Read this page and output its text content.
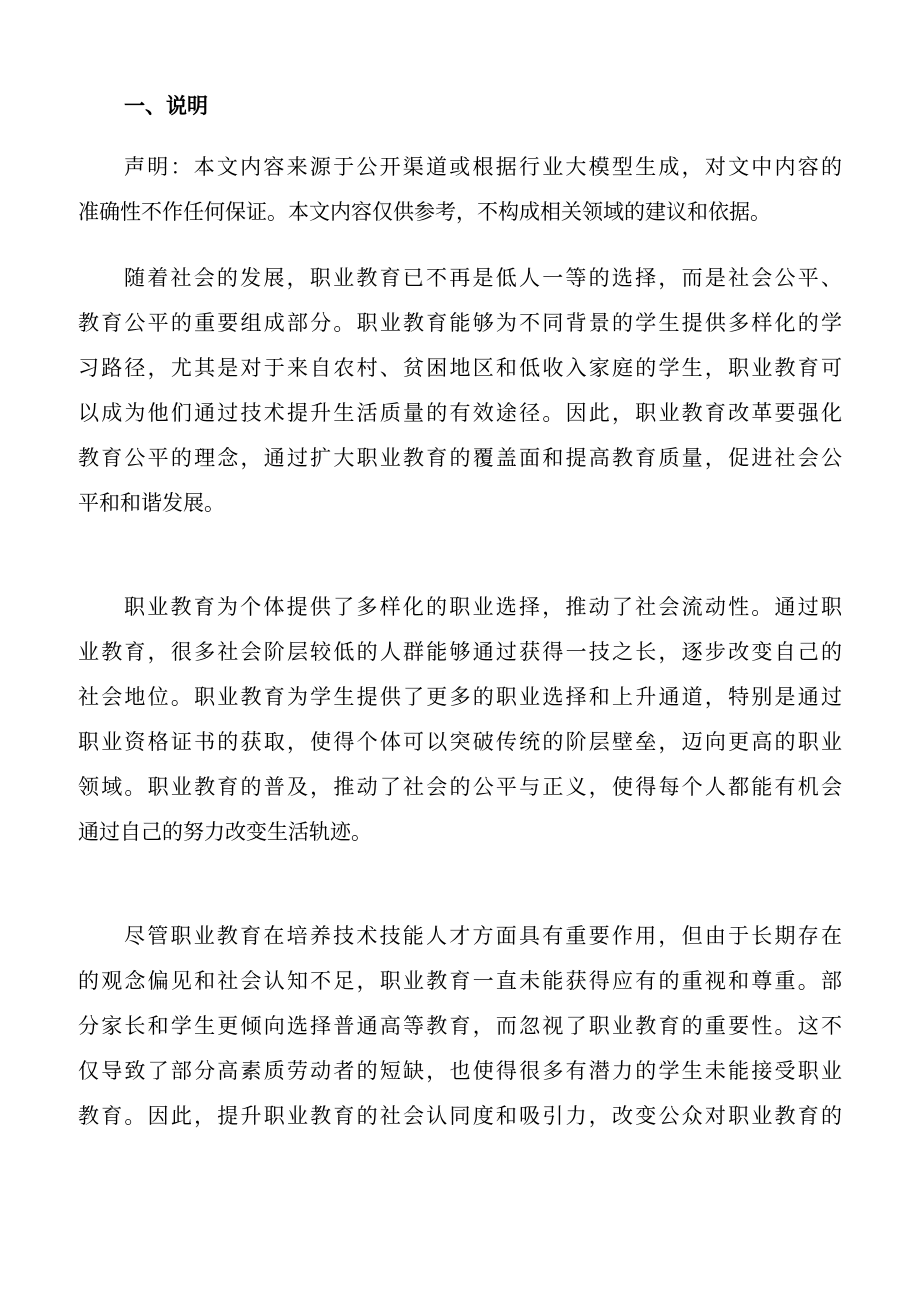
一、说明

声明：本文内容来源于公开渠道或根据行业大模型生成，对文中内容的
准确性不作任何保证。本文内容仅供参考，不构成相关领域的建议和依据。

随着社会的发展，职业教育已不再是低人一等的选择，而是社会公平、
教育公平的重要组成部分。职业教育能够为不同背景的学生提供多样化的学
习路径，尤其是对于来自农村、贫困地区和低收入家庭的学生，职业教育可
以成为他们通过技术提升生活质量的有效途径。因此，职业教育改革要强化
教育公平的理念，通过扩大职业教育的覆盖面和提高教育质量，促进社会公
平和和谐发展。

职业教育为个体提供了多样化的职业选择，推动了社会流动性。通过职
业教育，很多社会阶层较低的人群能够通过获得一技之长，逐步改变自己的
社会地位。职业教育为学生提供了更多的职业选择和上升通道，特别是通过
职业资格证书的获取，使得个体可以突破传统的阶层壁垒，迈向更高的职业
领域。职业教育的普及，推动了社会的公平与正义，使得每个人都能有机会
通过自己的努力改变生活轨迹。

尽管职业教育在培养技术技能人才方面具有重要作用，但由于长期存在
的观念偏见和社会认知不足，职业教育一直未能获得应有的重视和尊重。部
分家长和学生更倾向选择普通高等教育，而忽视了职业教育的重要性。这不
仅导致了部分高素质劳动者的短缺，也使得很多有潜力的学生未能接受职业
教育。因此，提升职业教育的社会认同度和吸引力，改变公众对职业教育的
